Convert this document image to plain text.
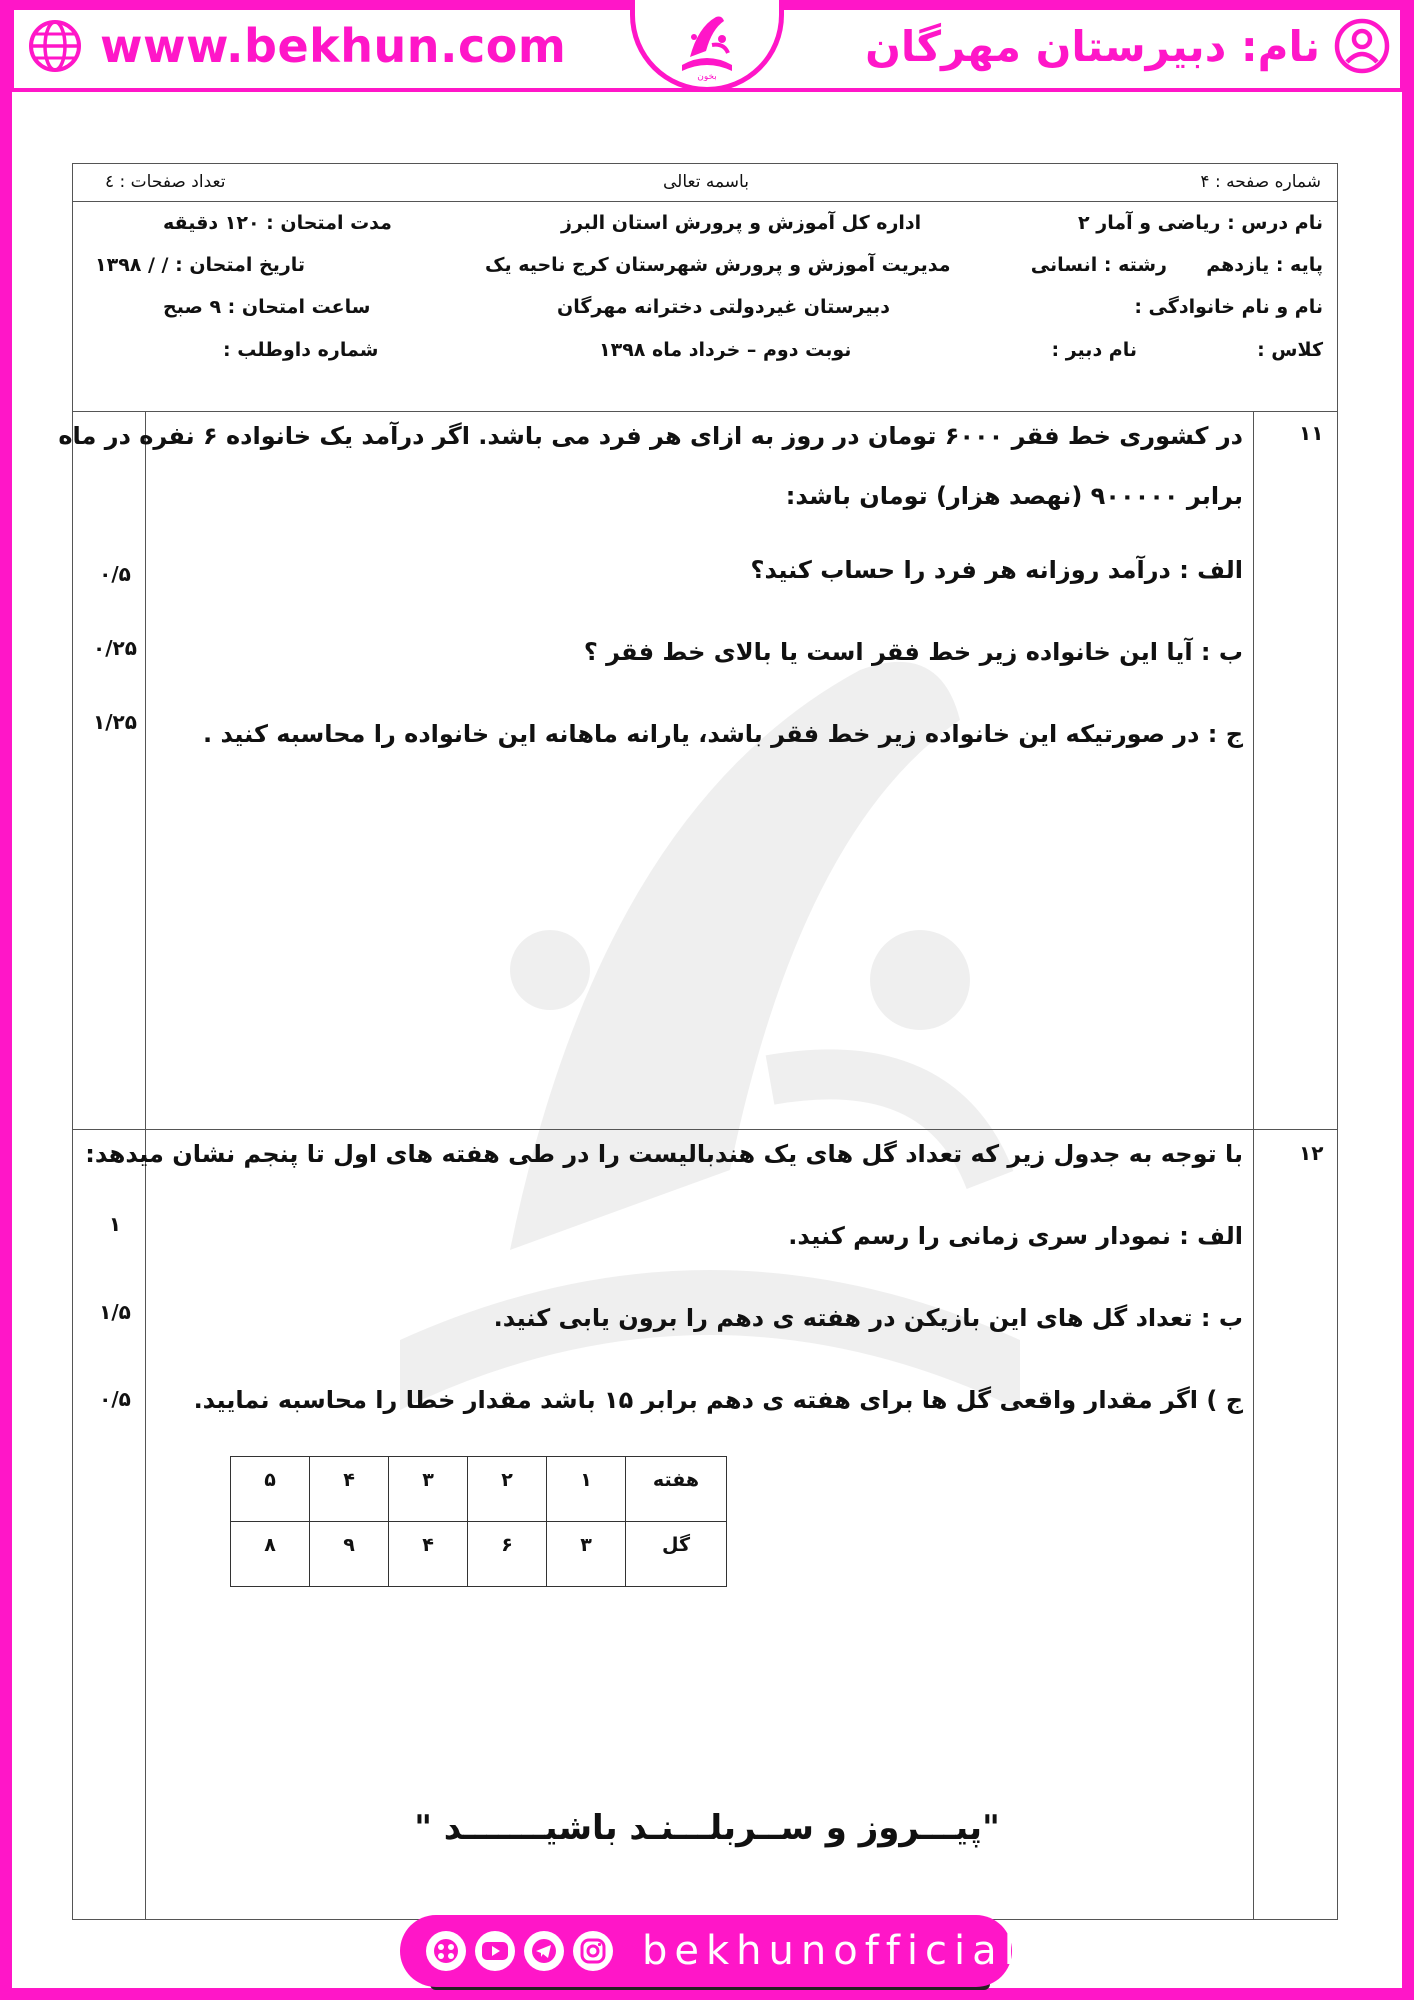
www.bekhun.com
بخون
نام: دبیرستان مهرگان
شماره صفحه : ۴
باسمه تعالی
تعداد صفحات : ٤
نام درس : ریاضی و آمار ۲
پایه : یازدهم
رشته : انسانی
نام و نام خانوادگی :
کلاس :
نام دبیر :
اداره کل آموزش و پرورش استان البرز
مدیریت آموزش و پرورش شهرستان کرج ناحیه یک
دبیرستان غیردولتی دخترانه مهرگان
نوبت دوم – خرداد ماه ۱۳۹۸
مدت امتحان : ۱۲۰ دقیقه
تاریخ امتحان : / / ۱۳۹۸
ساعت امتحان : ۹ صبح
شماره داوطلب :
۱۱
در کشوری خط فقر ۶۰۰۰ تومان در روز به ازای هر فرد می باشد. اگر درآمد یک خانواده ۶ نفره در ماه
برابر ۹۰۰۰۰۰ (نهصد هزار) تومان باشد:
الف : درآمد روزانه هر فرد را حساب کنید؟
ب : آیا این خانواده زیر خط فقر است یا بالای خط فقر ؟
ج : در صورتیکه این خانواده زیر خط فقر باشد، یارانه ماهانه این خانواده را محاسبه کنید .
۰/۵
۰/۲۵
۱/۲۵
۱۲
با توجه به جدول زیر که تعداد گل های یک هندبالیست را در طی هفته های اول تا پنجم نشان میدهد:
الف : نمودار سری زمانی را رسم کنید.
ب : تعداد گل های این بازیکن در هفته ی دهم را برون یابی کنید.
ج ) اگر مقدار واقعی گل ها برای هفته ی دهم برابر ۱۵ باشد مقدار خطا را محاسبه نمایید.
۱
۱/۵
۰/۵
هفته	۱	۲	۳	۴	۵
گل	۳	۶	۴	۹	۸
"پیـــروز و ســربلـــنـد باشیـــــــد "
bekhunofficial
